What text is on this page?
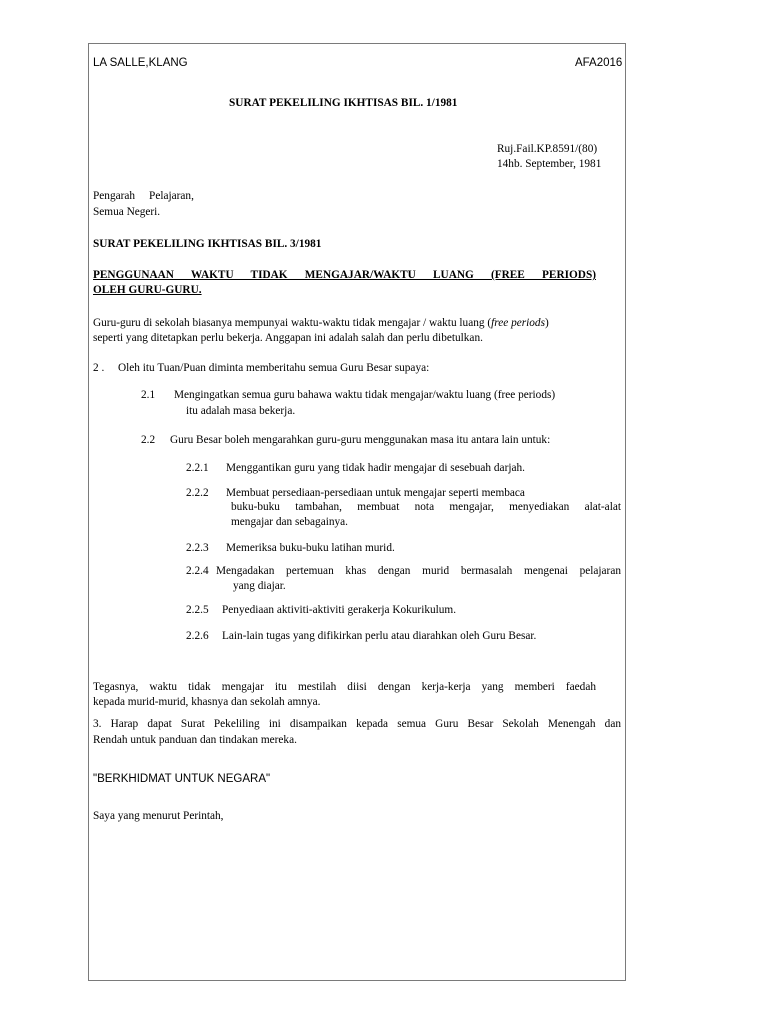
LA SALLE,KLANG	AFA2016
SURAT PEKELILING IKHTISAS BIL. 1/1981
Ruj.Fail.KP.8591/(80)
14hb. September, 1981
Pengarah Pelajaran,
Semua Negeri.
SURAT PEKELILING IKHTISAS BIL. 3/1981
PENGGUNAAN WAKTU TIDAK MENGAJAR/WAKTU LUANG (FREE PERIODS)
OLEH GURU-GURU.
Guru-guru di sekolah biasanya mempunyai waktu-waktu tidak mengajar / waktu luang (free periods)
seperti yang ditetapkan perlu bekerja. Anggapan ini adalah salah dan perlu dibetulkan.
2 . Oleh itu Tuan/Puan diminta memberitahu semua Guru Besar supaya:
2.1 Mengingatkan semua guru bahawa waktu tidak mengajar/waktu luang (free periods)
itu adalah masa bekerja.
2.2 Guru Besar boleh mengarahkan guru-guru menggunakan masa itu antara lain untuk:
2.2.1 Menggantikan guru yang tidak hadir mengajar di sesebuah darjah.
2.2.2 Membuat persediaan-persediaan untuk mengajar seperti membaca
buku-buku tambahan, membuat nota mengajar, menyediakan alat-alat
mengajar dan sebagainya.
2.2.3 Memeriksa buku-buku latihan murid.
2.2.4 Mengadakan pertemuan khas dengan murid bermasalah mengenai pelajaran
yang diajar.
2.2.5 Penyediaan aktiviti-aktiviti gerakerja Kokurikulum.
2.2.6 Lain-lain tugas yang difikirkan perlu atau diarahkan oleh Guru Besar.
Tegasnya, waktu tidak mengajar itu mestilah diisi dengan kerja-kerja yang memberi faedah
kepada murid-murid, khasnya dan sekolah amnya.
3. Harap dapat Surat Pekeliling ini disampaikan kepada semua Guru Besar Sekolah Menengah dan
Rendah untuk panduan dan tindakan mereka.
"BERKHIDMAT UNTUK NEGARA"
Saya yang menurut Perintah,
